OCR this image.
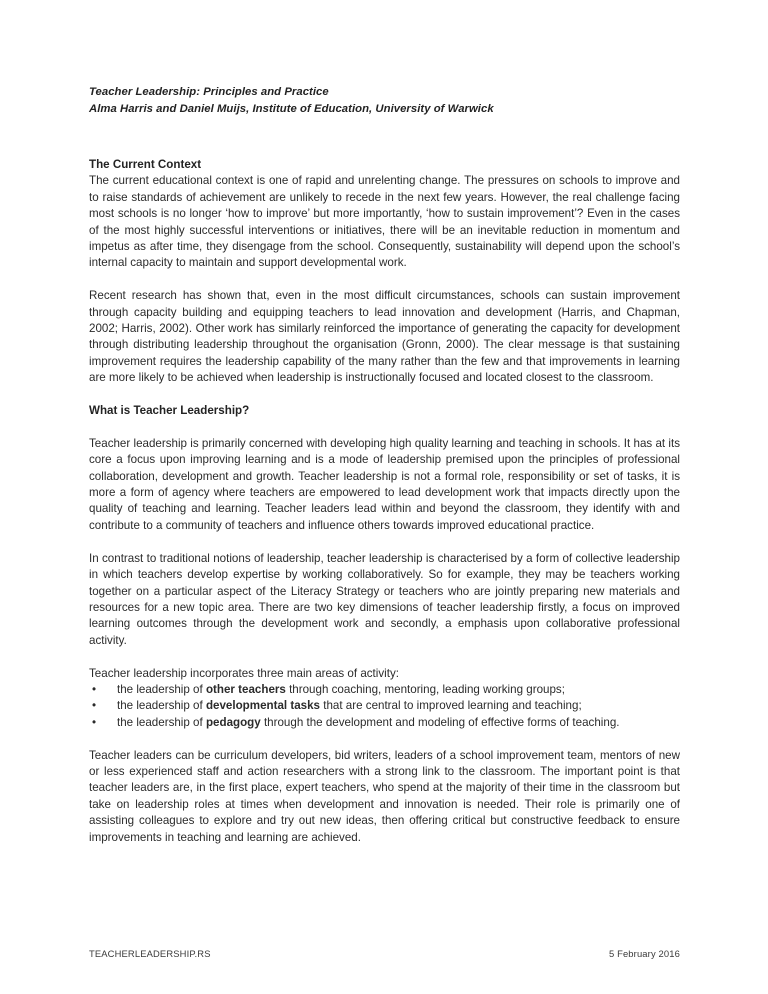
Teacher Leadership: Principles and Practice
Alma Harris and Daniel Muijs, Institute of Education, University of Warwick
The Current Context

The current educational context is one of rapid and unrelenting change. The pressures on schools to improve and to raise standards of achievement are unlikely to recede in the next few years. However, the real challenge facing most schools is no longer ‘how to improve’ but more importantly, ‘how to sustain improvement’? Even in the cases of the most highly successful interventions or initiatives, there will be an inevitable reduction in momentum and impetus as after time, they disengage from the school. Consequently, sustainability will depend upon the school’s internal capacity to maintain and support developmental work.

Recent research has shown that, even in the most difficult circumstances, schools can sustain improvement through capacity building and equipping teachers to lead innovation and development (Harris, and Chapman, 2002; Harris, 2002). Other work has similarly reinforced the importance of generating the capacity for development through distributing leadership throughout the organisation (Gronn, 2000). The clear message is that sustaining improvement requires the leadership capability of the many rather than the few and that improvements in learning are more likely to be achieved when leadership is instructionally focused and located closest to the classroom.

What is Teacher Leadership?

Teacher leadership is primarily concerned with developing high quality learning and teaching in schools. It has at its core a focus upon improving learning and is a mode of leadership premised upon the principles of professional collaboration, development and growth. Teacher leadership is not a formal role, responsibility or set of tasks, it is more a form of agency where teachers are empowered to lead development work that impacts directly upon the quality of teaching and learning. Teacher leaders lead within and beyond the classroom, they identify with and contribute to a community of teachers and influence others towards improved educational practice.

In contrast to traditional notions of leadership, teacher leadership is characterised by a form of collective leadership in which teachers develop expertise by working collaboratively. So for example, they may be teachers working together on a particular aspect of the Literacy Strategy or teachers who are jointly preparing new materials and resources for a new topic area. There are two key dimensions of teacher leadership firstly, a focus on improved learning outcomes through the development work and secondly, a emphasis upon collaborative professional activity.

Teacher leadership incorporates three main areas of activity:

• the leadership of other teachers through coaching, mentoring, leading working groups;
• the leadership of developmental tasks that are central to improved learning and teaching;
• the leadership of pedagogy through the development and modeling of effective forms of teaching.

Teacher leaders can be curriculum developers, bid writers, leaders of a school improvement team, mentors of new or less experienced staff and action researchers with a strong link to the classroom. The important point is that teacher leaders are, in the first place, expert teachers, who spend at the majority of their time in the classroom but take on leadership roles at times when development and innovation is needed. Their role is primarily one of assisting colleagues to explore and try out new ideas, then offering critical but constructive feedback to ensure improvements in teaching and learning are achieved.

TEACHERLEADERSHIP.RS	5 February 2016
